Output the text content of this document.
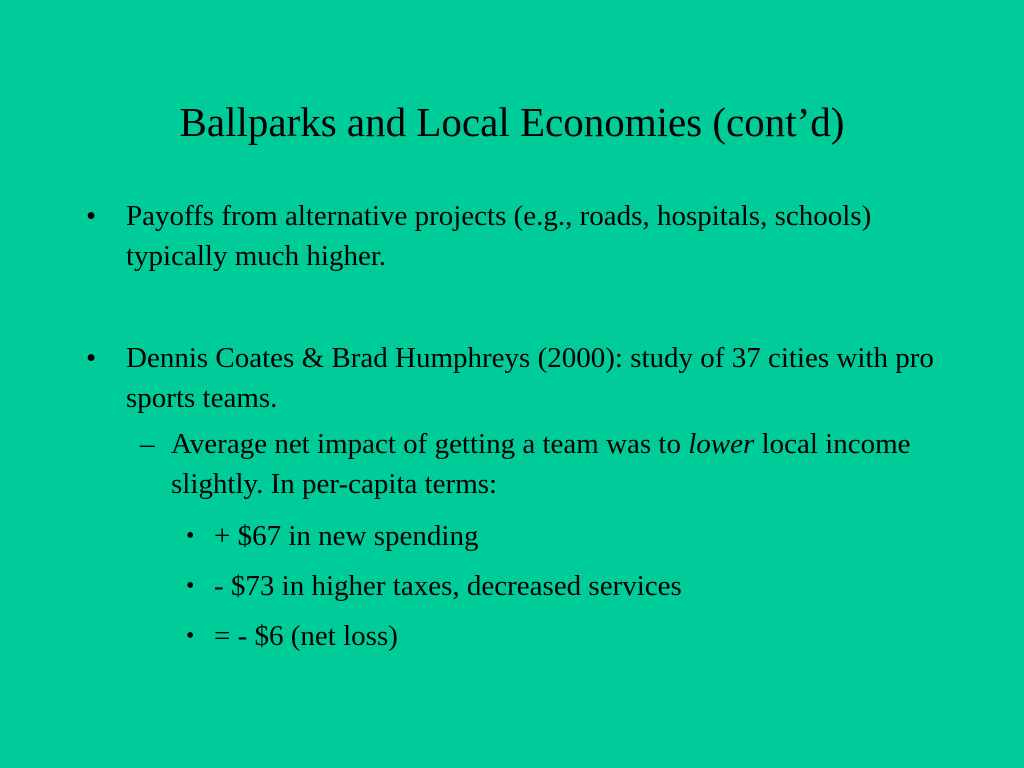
Ballparks and Local Economies (cont’d)
• Payoffs from alternative projects (e.g., roads, hospitals, schools) typically much higher.
• Dennis Coates & Brad Humphreys (2000): study of 37 cities with pro sports teams.
– Average net impact of getting a team was to lower local income slightly. In per-capita terms:
• + $67 in new spending
• - $73 in higher taxes, decreased services
• = - $6 (net loss)
